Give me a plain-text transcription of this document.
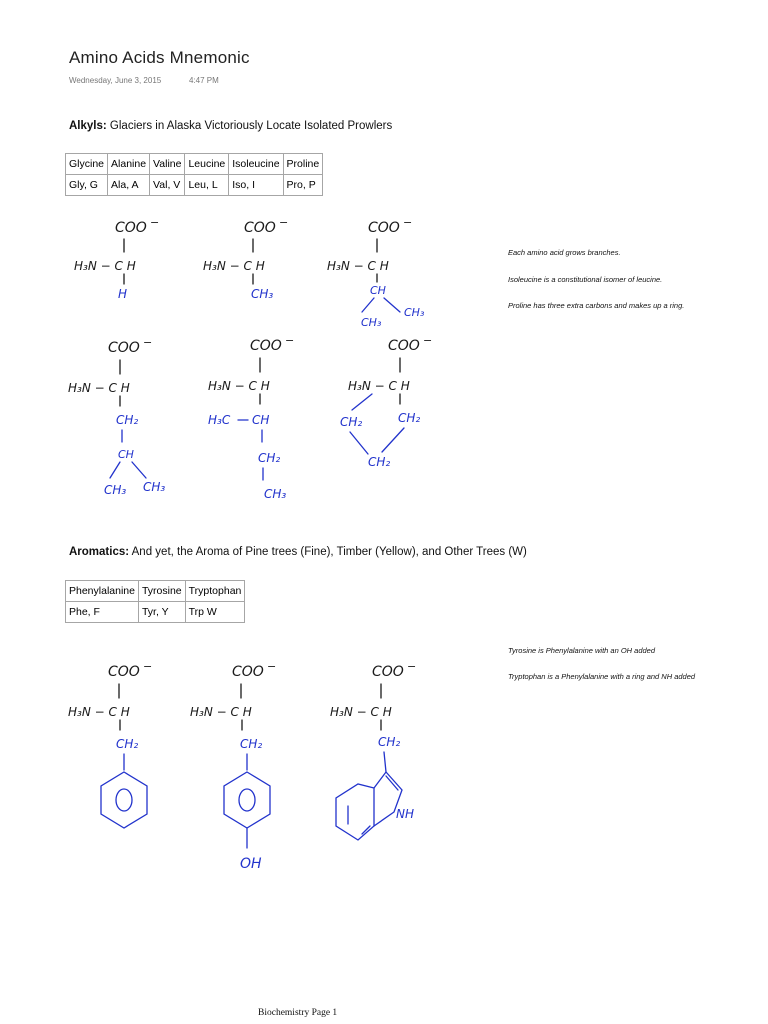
Amino Acids Mnemonic
Wednesday, June 3, 2015	4:47 PM
Alkyls: Glaciers in Alaska Victoriously Locate Isolated Prowlers
Glycine	Alanine	Valine	Leucine	Isoleucine	Proline
Gly, G	Ala, A	Val, V	Leu, L	Iso, I	Pro, P
Each amino acid grows branches.
Isoleucine is a constitutional isomer of leucine.
Proline has three extra carbons and makes up a ring.
Aromatics: And yet, the Aroma of Pine trees (Fine), Timber (Yellow), and Other Trees (W)
Phenylalanine	Tyrosine	Tryptophan
Phe, F	Tyr, Y	Trp W
Tyrosine is Phenylalanine with an OH added
Tryptophan is a Phenylalanine with a ring and NH added
COO −
H₃N − C H
H
COO −
H₃N − C H
CH₃
COO −
H₃N − C H
CH
CH₃
CH₃
COO −
H₃N − C H
CH₂
CH
CH₃ CH₃
COO −
H₃N − C H
H₃C CH
CH₂
CH₃
COO −
H₃N − C H
CH₂	CH₂
CH₂
COO −
H₃N − C H
CH₂
COO −
H₃N − C H
CH₂
OH
COO −
H₃N − C H
CH₂
NH
Biochemistry Page 1
